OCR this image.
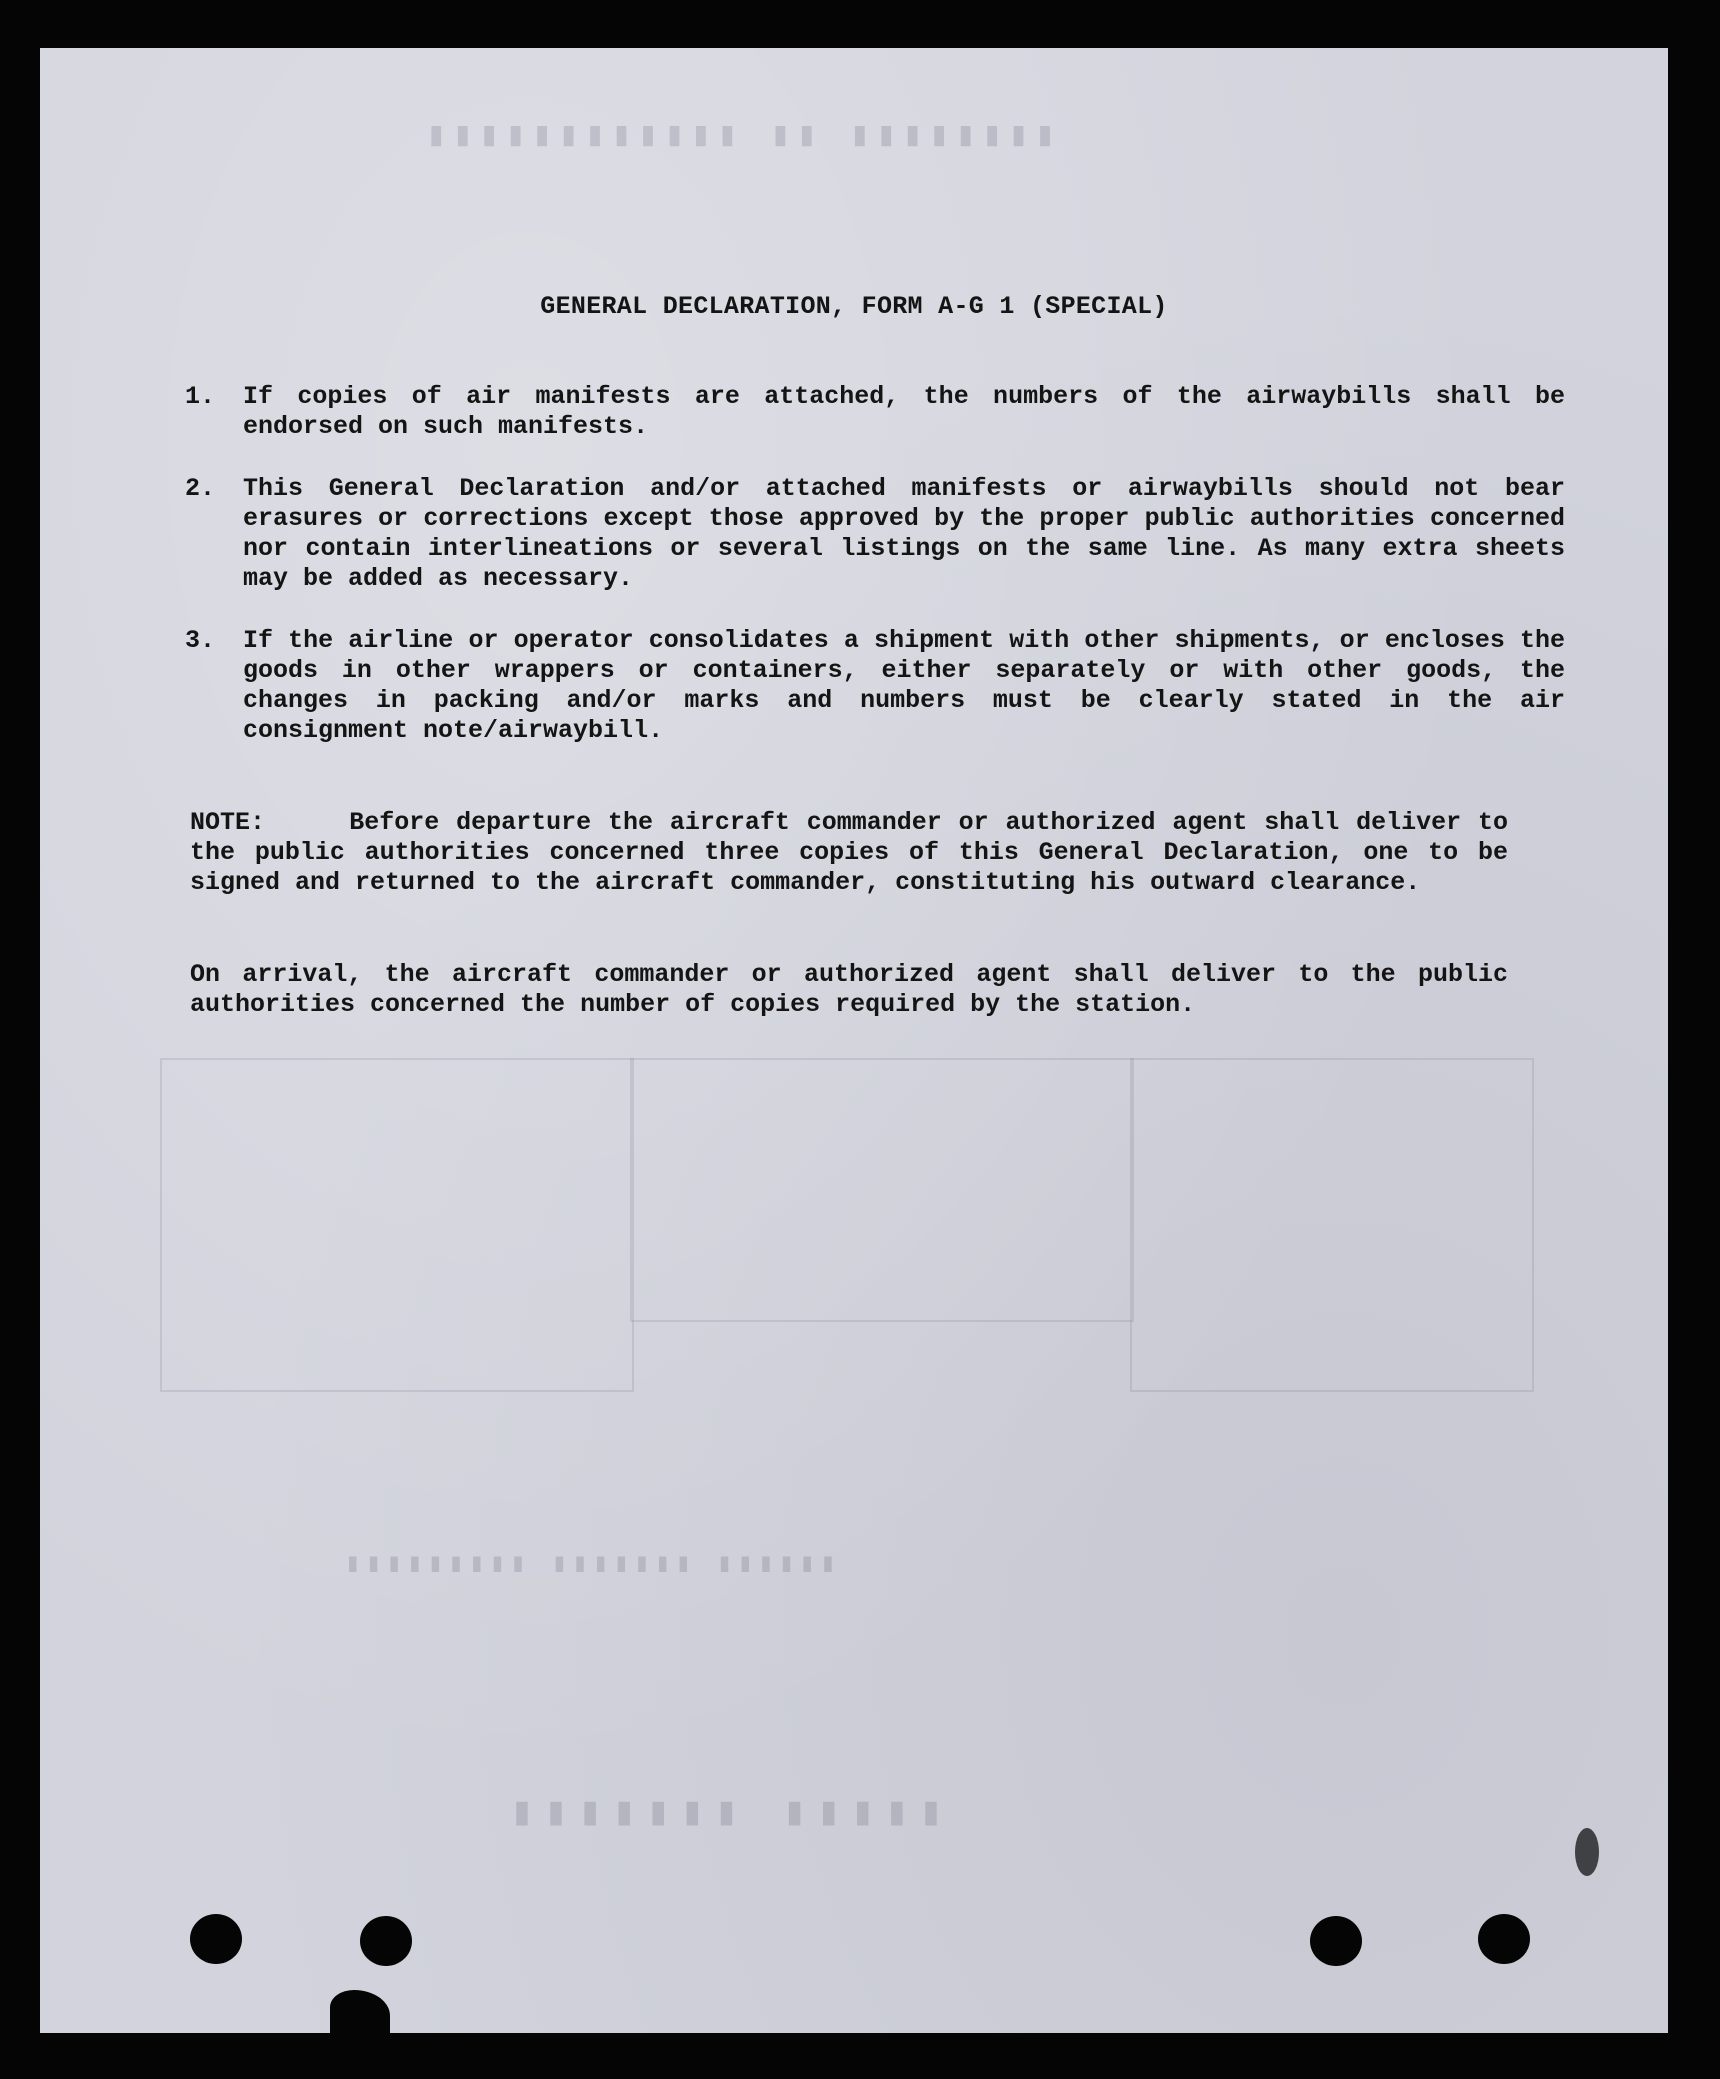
▮▮▮▮▮▮▮▮ ▮▮ ▮▮▮▮▮▮▮▮▮▮▮▮
▮▮▮▮▮▮ ▮▮▮▮▮▮▮ ▮▮▮▮▮▮▮▮▮
▮▮▮▮▮ ▮▮▮▮▮▮▮
GENERAL DECLARATION, FORM A-G 1 (SPECIAL)
1.	If copies of air manifests are attached, the numbers of the airwaybills shall be endorsed on such manifests.
2.	This General Declaration and/or attached manifests or airwaybills should not bear erasures or corrections except those approved by the proper public authorities concerned nor contain interlineations or several listings on the same line. As many extra sheets may be added as necessary.
3.	If the airline or operator consolidates a shipment with other shipments, or encloses the goods in other wrappers or containers, either separately or with other goods, the changes in packing and/or marks and numbers must be clearly stated in the air consignment note/airwaybill.
NOTE:	Before departure the aircraft commander or authorized agent shall deliver to the public authorities concerned three copies of this General Declaration, one to be signed and returned to the aircraft commander, constituting his outward clearance.
On arrival, the aircraft commander or authorized agent shall deliver to the public authorities concerned the number of copies required by the station.
